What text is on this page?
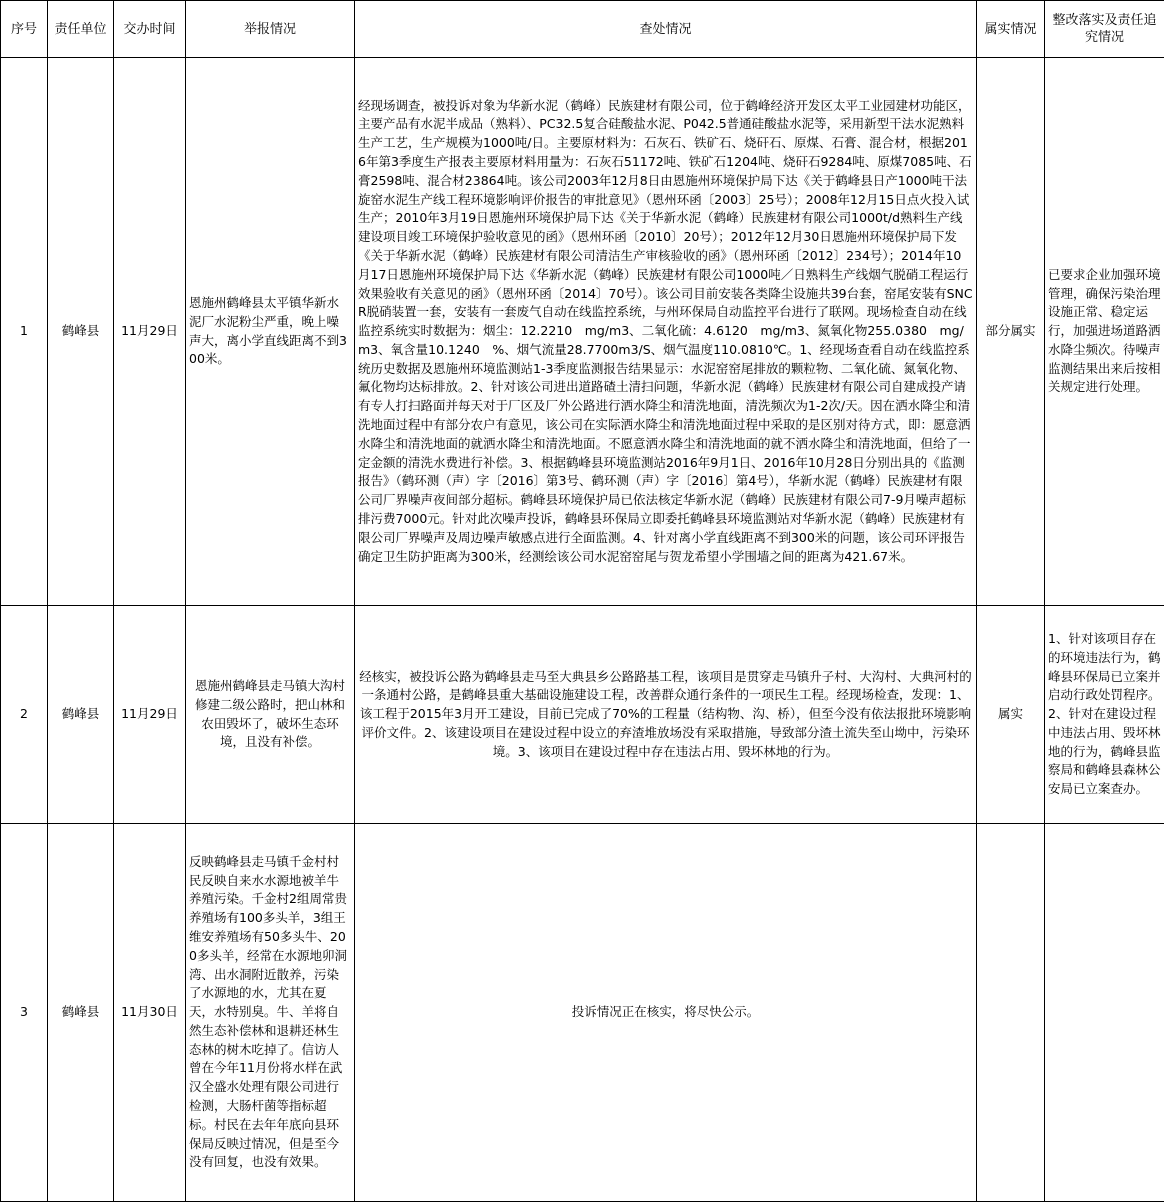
序号	责任单位	交办时间	举报情况	查处情况	属实情况	整改落实及责任追究情况
1	鹤峰县	11月29日	恩施州鹤峰县太平镇华新水泥厂水泥粉尘严重，晚上噪声大，离小学直线距离不到300米。	经现场调查，被投诉对象为华新水泥（鹤峰）民族建材有限公司，位于鹤峰经济开发区太平工业园建材功能区，主要产品有水泥半成品（熟料）、PC32.5复合硅酸盐水泥、P042.5普通硅酸盐水泥等，采用新型干法水泥熟料生产工艺，生产规模为1000吨/日。主要原材料为：石灰石、铁矿石、烧矸石、原煤、石膏、混合材，根据2016年第3季度生产报表主要原材料用量为：石灰石51172吨、铁矿石1204吨、烧矸石9284吨、原煤7085吨、石膏2598吨、混合材23864吨。该公司2003年12月8日由恩施州环境保护局下达《关于鹤峰县日产1000吨干法旋窑水泥生产线工程环境影响评价报告的审批意见》（恩州环函〔2003〕25号）；2008年12月15日点火投入试生产；2010年3月19日恩施州环境保护局下达《关于华新水泥（鹤峰）民族建材有限公司1000t/d熟料生产线建设项目竣工环境保护验收意见的函》（恩州环函〔2010〕20号）；2012年12月30日恩施州环境保护局下发《关于华新水泥（鹤峰）民族建材有限公司清洁生产审核验收的函》（恩州环函〔2012〕234号）；2014年10月17日恩施州环境保护局下达《华新水泥（鹤峰）民族建材有限公司1000吨／日熟料生产线烟气脱硝工程运行效果验收有关意见的函》（恩州环函〔2014〕70号）。该公司目前安装各类降尘设施共39台套，窑尾安装有SNCR脱硝装置一套，安装有一套废气自动在线监控系统，与州环保局自动监控平台进行了联网。现场检查自动在线监控系统实时数据为：烟尘：12.2210　mg/m3、二氧化硫：4.6120　mg/m3、氮氧化物255.0380　mg/m3、氧含量10.1240　%、烟气流量28.7700m3/S、烟气温度110.0810℃。1、经现场查看自动在线监控系统历史数据及恩施州环境监测站1-3季度监测报告结果显示：水泥窑窑尾排放的颗粒物、二氧化硫、氮氧化物、氟化物均达标排放。2、针对该公司进出道路碴土清扫问题，华新水泥（鹤峰）民族建材有限公司自建成投产请有专人打扫路面并每天对于厂区及厂外公路进行洒水降尘和清洗地面，清洗频次为1-2次/天。因在洒水降尘和清洗地面过程中有部分农户有意见，该公司在实际洒水降尘和清洗地面过程中采取的是区别对待方式，即：愿意洒水降尘和清洗地面的就洒水降尘和清洗地面。不愿意洒水降尘和清洗地面的就不洒水降尘和清洗地面，但给了一定金额的清洗水费进行补偿。3、根据鹤峰县环境监测站2016年9月1日、2016年10月28日分别出具的《监测报告》（鹤环测（声）字〔2016〕第3号、鹤环测（声）字〔2016〕第4号），华新水泥（鹤峰）民族建材有限公司厂界噪声夜间部分超标。鹤峰县环境保护局已依法核定华新水泥（鹤峰）民族建材有限公司7-9月噪声超标排污费7000元。针对此次噪声投诉，鹤峰县环保局立即委托鹤峰县环境监测站对华新水泥（鹤峰）民族建材有限公司厂界噪声及周边噪声敏感点进行全面监测。4、针对离小学直线距离不到300米的问题，该公司环评报告确定卫生防护距离为300米，经测绘该公司水泥窑窑尾与贺龙希望小学围墙之间的距离为421.67米。	部分属实	已要求企业加强环境管理，确保污染治理设施正常、稳定运行，加强进场道路洒水降尘频次。待噪声监测结果出来后按相关规定进行处理。
2	鹤峰县	11月29日	恩施州鹤峰县走马镇大沟村修建二级公路时，把山林和农田毁坏了，破坏生态环境，且没有补偿。	经核实，被投诉公路为鹤峰县走马至大典县乡公路路基工程，该项目是贯穿走马镇升子村、大沟村、大典河村的一条通村公路，是鹤峰县重大基础设施建设工程，改善群众通行条件的一项民生工程。经现场检查，发现：1、该工程于2015年3月开工建设，目前已完成了70%的工程量（结构物、沟、桥），但至今没有依法报批环境影响评价文件。2、该建设项目在建设过程中设立的弃渣堆放场没有采取措施，导致部分渣土流失至山坳中，污染环境。3、该项目在建设过程中存在违法占用、毁坏林地的行为。	属实	1、针对该项目存在的环境违法行为，鹤峰县环保局已立案并启动行政处罚程序。2、针对在建设过程中违法占用、毁坏林地的行为，鹤峰县监察局和鹤峰县森林公安局已立案查办。
3	鹤峰县	11月30日	反映鹤峰县走马镇千金村村民反映自来水水源地被羊牛养殖污染。千金村2组周常贵养殖场有100多头羊，3组王维安养殖场有50多头牛、200多头羊，经常在水源地卯洞湾、出水洞附近散养，污染了水源地的水，尤其在夏天，水特别臭。牛、羊将自然生态补偿林和退耕还林生态林的树木吃掉了。信访人曾在今年11月份将水样在武汉全盛水处理有限公司进行检测，大肠杆菌等指标超标。村民在去年年底向县环保局反映过情况，但是至今没有回复，也没有效果。	投诉情况正在核实，将尽快公示。		
